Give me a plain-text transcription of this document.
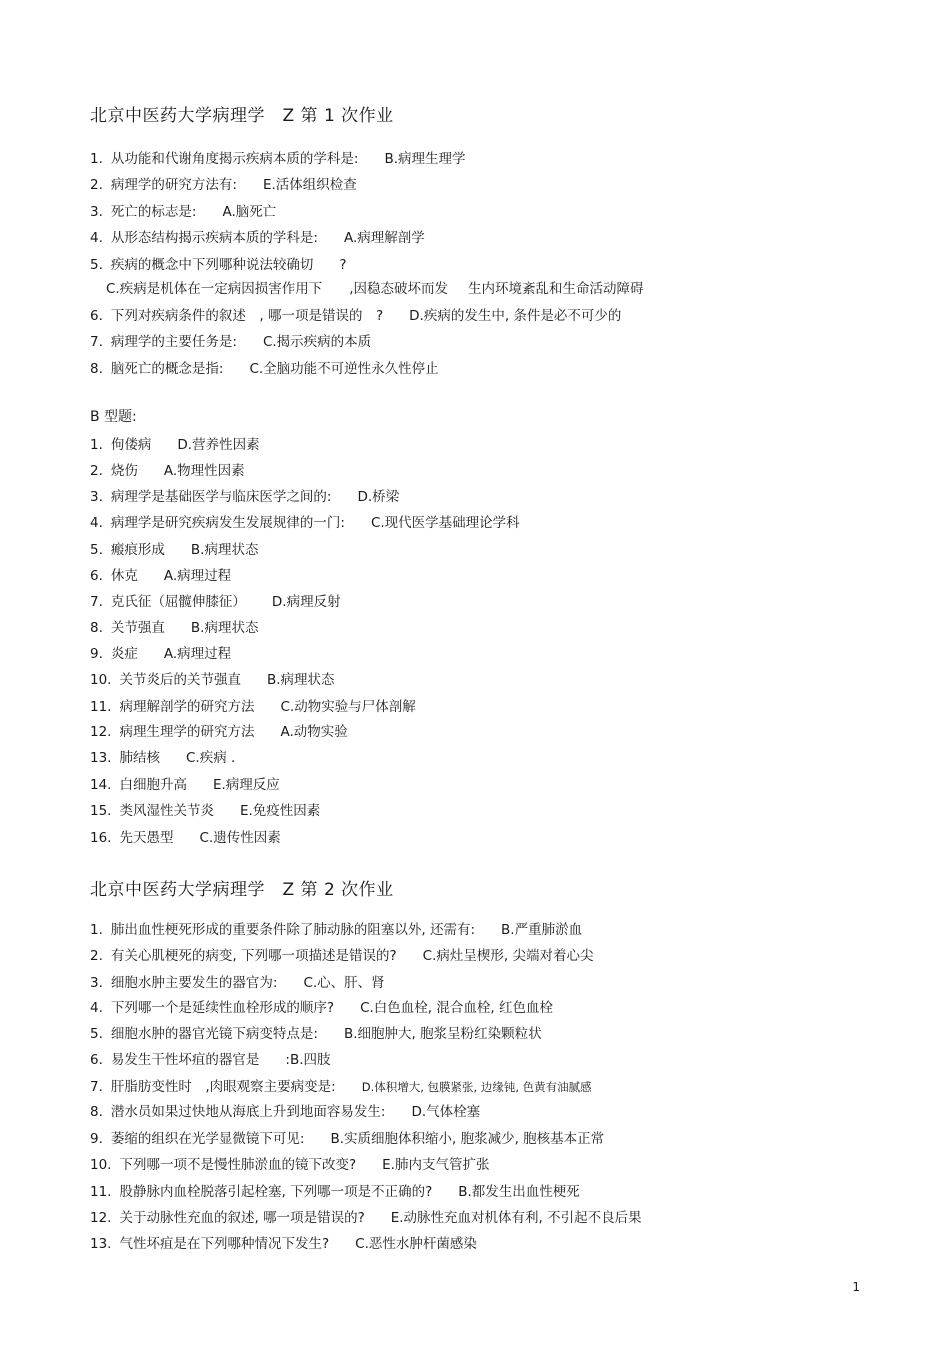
北京中医药大学病理学　Z 第 1 次作业
1. 从功能和代谢角度揭示疾病本质的学科是: B.病理生理学
2. 病理学的研究方法有: E.活体组织检查
3. 死亡的标志是: A.脑死亡
4. 从形态结构揭示疾病本质的学科是: A.病理解剖学
5. 疾病的概念中下列哪种说法较确切 ?
C.疾病是机体在一定病因损害作用下　　,因稳态破坏而发 生内环境紊乱和生命活动障碍
6. 下列对疾病条件的叙述　, 哪一项是错误的　? D.疾病的发生中, 条件是必不可少的
7. 病理学的主要任务是: C.揭示疾病的本质
8. 脑死亡的概念是指: C.全脑功能不可逆性永久性停止
B 型题:
1. 佝偻病 D.营养性因素
2. 烧伤 A.物理性因素
3. 病理学是基础医学与临床医学之间的: D.桥梁
4. 病理学是研究疾病发生发展规律的一门: C.现代医学基础理论学科
5. 瘢痕形成 B.病理状态
6. 休克 A.病理过程
7. 克氏征（屈髋伸膝征） D.病理反射
8. 关节强直 B.病理状态
9. 炎症 A.病理过程
10. 关节炎后的关节强直 B.病理状态
11. 病理解剖学的研究方法 C.动物实验与尸体剖解
12. 病理生理学的研究方法 A.动物实验
13. 肺结核 C.疾病 .
14. 白细胞升高 E.病理反应
15. 类风湿性关节炎 E.免疫性因素
16. 先天愚型 C.遗传性因素
北京中医药大学病理学　Z 第 2 次作业
1. 肺出血性梗死形成的重要条件除了肺动脉的阻塞以外, 还需有: B.严重肺淤血
2. 有关心肌梗死的病变, 下列哪一项描述是错误的? C.病灶呈楔形, 尖端对着心尖
3. 细胞水肿主要发生的器官为: C.心、肝、肾
4. 下列哪一个是延续性血栓形成的顺序? C.白色血栓, 混合血栓, 红色血栓
5. 细胞水肿的器官光镜下病变特点是: B.细胞肿大, 胞浆呈粉红染颗粒状
6. 易发生干性坏疽的器官是 :B.四肢
7. 肝脂肪变性时　,肉眼观察主要病变是: D.体积增大, 包膜紧张, 边缘钝, 色黄有油腻感
8. 潜水员如果过快地从海底上升到地面容易发生: D.气体栓塞
9. 萎缩的组织在光学显微镜下可见: B.实质细胞体积缩小, 胞浆减少, 胞核基本正常
10. 下列哪一项不是慢性肺淤血的镜下改变? E.肺内支气管扩张
11. 股静脉内血栓脱落引起栓塞, 下列哪一项是不正确的? B.都发生出血性梗死
12. 关于动脉性充血的叙述, 哪一项是错误的? E.动脉性充血对机体有利, 不引起不良后果
13. 气性坏疽是在下列哪种情况下发生? C.恶性水肿杆菌感染
1
